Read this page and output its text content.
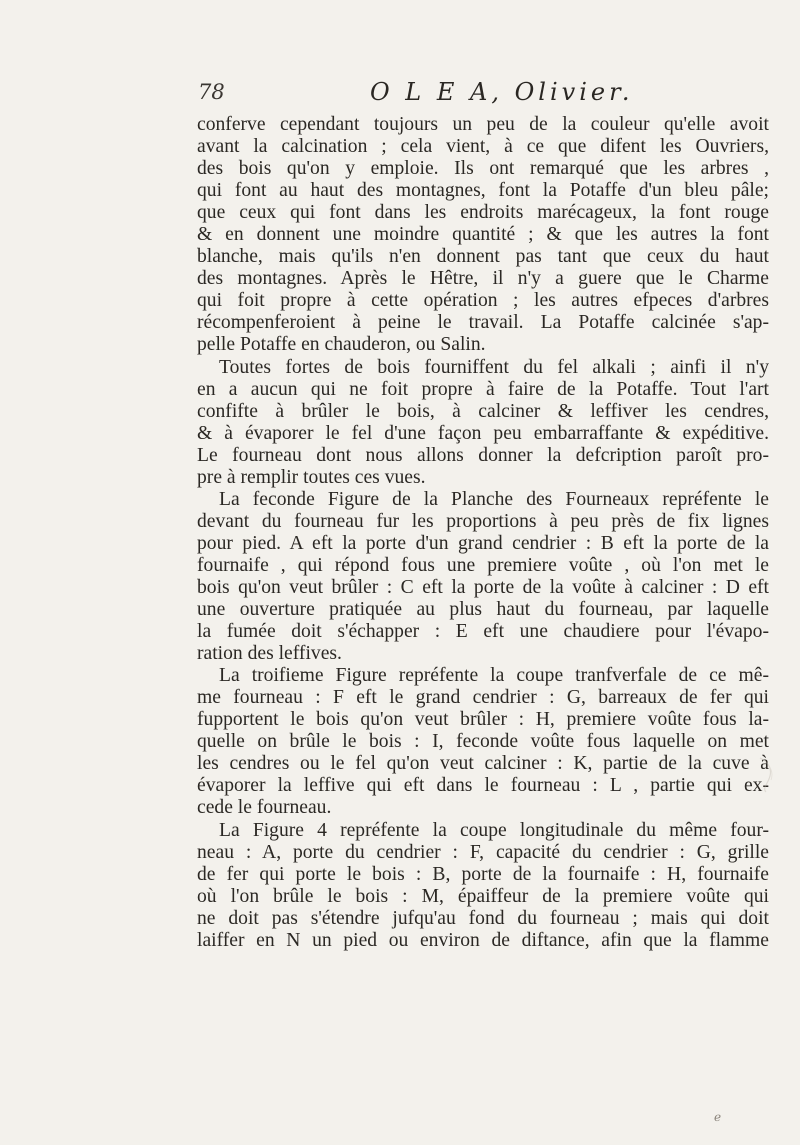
78	O L E A, Olivier.
conferve cependant toujours un peu de la couleur qu'elle avoit
avant la calcination ; cela vient, à ce que difent les Ouvriers,
des bois qu'on y emploie. Ils ont remarqué que les arbres ,
qui font au haut des montagnes, font la Potaffe d'un bleu pâle;
que ceux qui font dans les endroits marécageux, la font rouge
& en donnent une moindre quantité ; & que les autres la font
blanche, mais qu'ils n'en donnent pas tant que ceux du haut
des montagnes. Après le Hêtre, il n'y a guere que le Charme
qui foit propre à cette opération ; les autres efpeces d'arbres
récompenferoient à peine le travail. La Potaffe calcinée s'ap-
pelle Potaffe en chauderon, ou Salin.
Toutes fortes de bois fourniffent du fel alkali ; ainfi il n'y
en a aucun qui ne foit propre à faire de la Potaffe. Tout l'art
confifte à brûler le bois, à calciner & leffiver les cendres,
& à évaporer le fel d'une façon peu embarraffante & expéditive.
Le fourneau dont nous allons donner la defcription paroît pro-
pre à remplir toutes ces vues.
La feconde Figure de la Planche des Fourneaux repréfente le
devant du fourneau fur les proportions à peu près de fix lignes
pour pied. A eft la porte d'un grand cendrier : B eft la porte de la
fournaife , qui répond fous une premiere voûte , où l'on met le
bois qu'on veut brûler : C eft la porte de la voûte à calciner : D eft
une ouverture pratiquée au plus haut du fourneau, par laquelle
la fumée doit s'échapper : E eft une chaudiere pour l'évapo-
ration des leffives.
La troifieme Figure repréfente la coupe tranfverfale de ce mê-
me fourneau : F eft le grand cendrier : G, barreaux de fer qui
fupportent le bois qu'on veut brûler : H, premiere voûte fous la-
quelle on brûle le bois : I, feconde voûte fous laquelle on met
les cendres ou le fel qu'on veut calciner : K, partie de la cuve à
évaporer la leffive qui eft dans le fourneau : L , partie qui ex-
cede le fourneau.
La Figure 4 repréfente la coupe longitudinale du même four-
neau : A, porte du cendrier : F, capacité du cendrier : G, grille
de fer qui porte le bois : B, porte de la fournaife : H, fournaife
où l'on brûle le bois : M, épaiffeur de la premiere voûte qui
ne doit pas s'étendre jufqu'au fond du fourneau ; mais qui doit
laiffer en N un pied ou environ de diftance, afin que la flamme
ℯ
